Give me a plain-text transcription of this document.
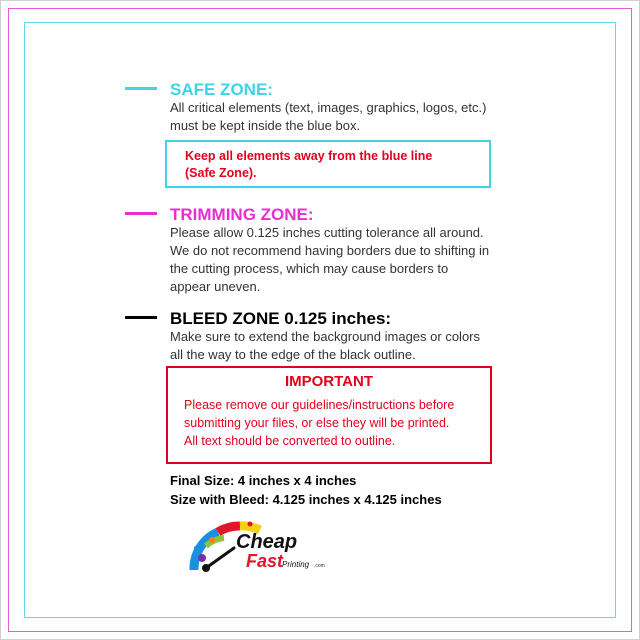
SAFE ZONE:
All critical elements (text, images, graphics, logos, etc.)
must be kept inside the blue box.
Keep all elements away from the blue line
(Safe Zone).
TRIMMING ZONE:
Please allow 0.125 inches cutting tolerance all around.
We do not recommend having borders due to shifting in
the cutting process, which may cause borders to
appear uneven.
BLEED ZONE 0.125 inches:
Make sure to extend the background images or colors
all the way to the edge of the black outline.
IMPORTANT
Please remove our guidelines/instructions before
submitting your files, or else they will be printed.
All text should be converted to outline.
Final Size: 4 inches x 4 inches
Size with Bleed: 4.125 inches x 4.125 inches
Cheap
Fast
Printing .com
